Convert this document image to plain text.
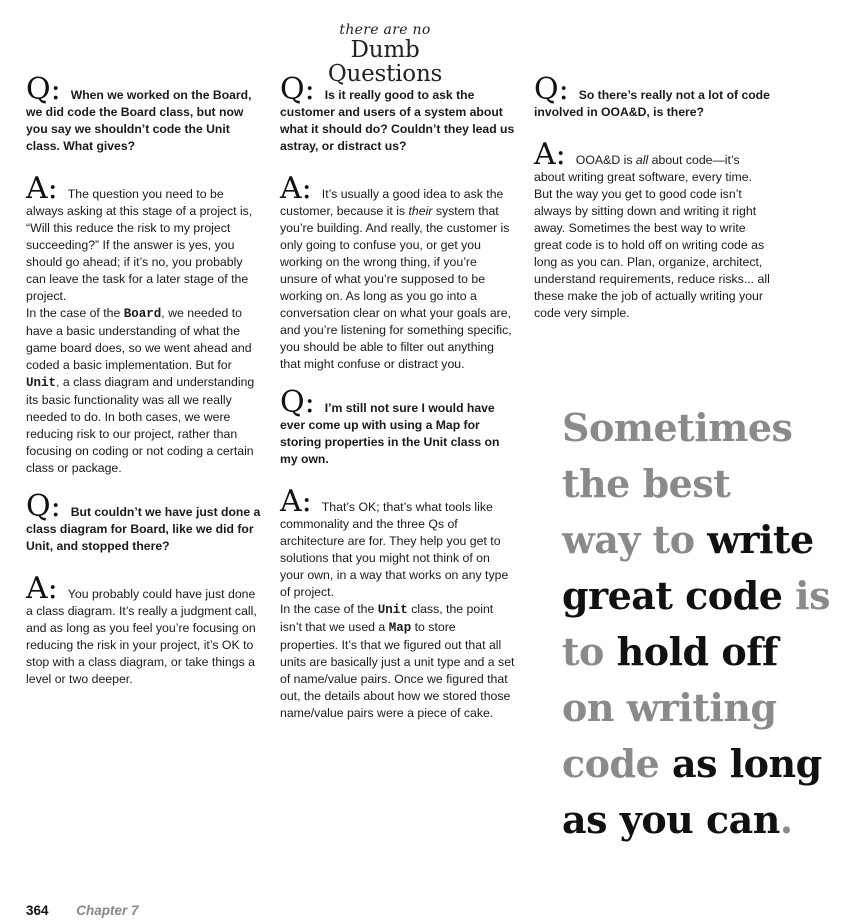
there are no
Dumb Questions

Q: When we worked on the Board, we did code the Board class, but now you say we shouldn’t code the Unit class. What gives?

A: The question you need to be always asking at this stage of a project is, “Will this reduce the risk to my project succeeding?” If the answer is yes, you should go ahead; if it’s no, you probably can leave the task for a later stage of the project.

In the case of the Board, we needed to have a basic understanding of what the game board does, so we went ahead and coded a basic implementation. But for Unit, a class diagram and understanding its basic functionality was all we really needed to do. In both cases, we were reducing risk to our project, rather than focusing on coding or not coding a certain class or package.

Q: But couldn’t we have just done a class diagram for Board, like we did for Unit, and stopped there?

A: You probably could have just done a class diagram. It’s really a judgment call, and as long as you feel you’re focusing on reducing the risk in your project, it’s OK to stop with a class diagram, or take things a level or two deeper.

Q: Is it really good to ask the customer and users of a system about what it should do? Couldn’t they lead us astray, or distract us?

A: It’s usually a good idea to ask the customer, because it is their system that you’re building. And really, the customer is only going to confuse you, or get you working on the wrong thing, if you’re unsure of what you’re supposed to be working on. As long as you go into a conversation clear on what your goals are, and you’re listening for something specific, you should be able to filter out anything that might confuse or distract you.

Q: I’m still not sure I would have ever come up with using a Map for storing properties in the Unit class on my own.

A: That’s OK; that’s what tools like commonality and the three Qs of architecture are for. They help you get to solutions that you might not think of on your own, in a way that works on any type of project.

In the case of the Unit class, the point isn’t that we used a Map to store properties. It’s that we figured out that all units are basically just a unit type and a set of name/value pairs. Once we figured that out, the details about how we stored those name/value pairs were a piece of cake.

Q: So there’s really not a lot of code involved in OOA&D, is there?

A: OOA&D is all about code—it’s about writing great software, every time. But the way you get to good code isn’t always by sitting down and writing it right away. Sometimes the best way to write great code is to hold off on writing code as long as you can. Plan, organize, architect, understand requirements, reduce risks... all these make the job of actually writing your code very simple.

Sometimes
the best
way to write
great code is
to hold off
on writing
code as long
as you can.
364 Chapter 7
